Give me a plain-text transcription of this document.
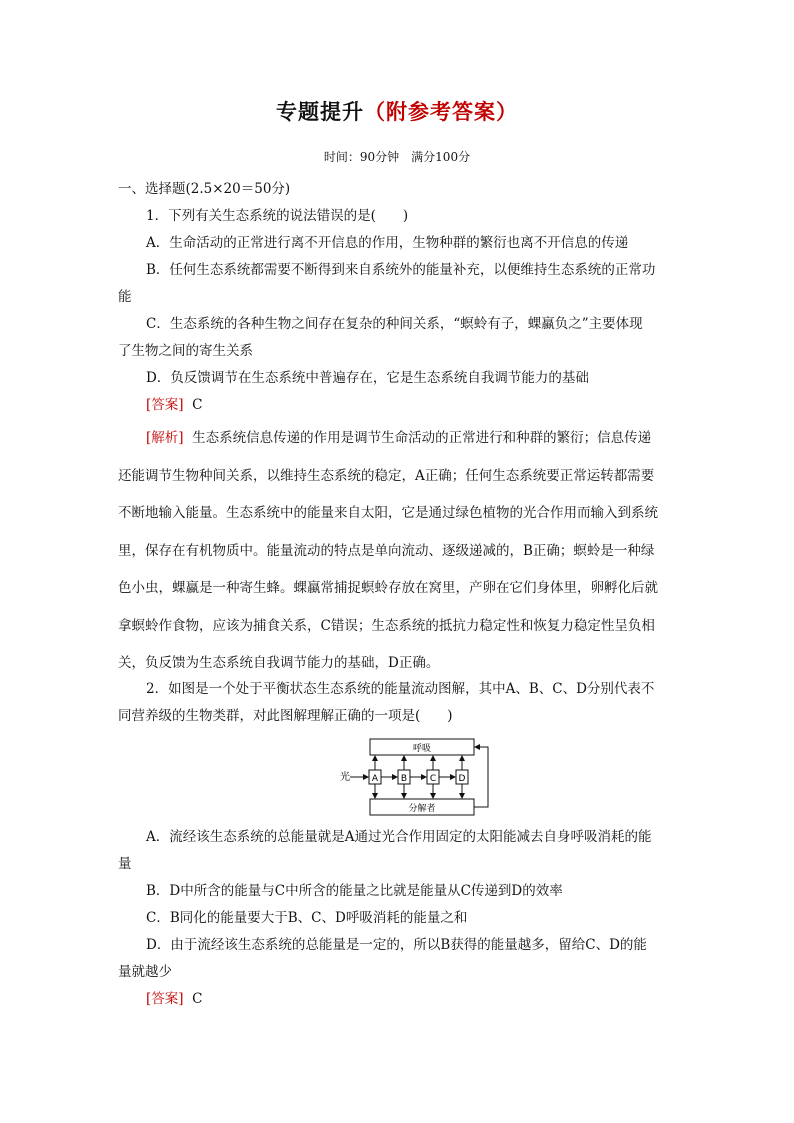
专题提升（附参考答案）
时间：90分钟　满分100分
一、选择题(2.5×20＝50分)
1．下列有关生态系统的说法错误的是(　　)
A．生命活动的正常进行离不开信息的作用，生物种群的繁衍也离不开信息的传递
B．任何生态系统都需要不断得到来自系统外的能量补充，以便维持生态系统的正常功
能
C．生态系统的各种生物之间存在复杂的种间关系，“螟蛉有子，蜾蠃负之”主要体现
了生物之间的寄生关系
D．负反馈调节在生态系统中普遍存在，它是生态系统自我调节能力的基础
[答案] C
[解析] 生态系统信息传递的作用是调节生命活动的正常进行和种群的繁衍；信息传递
还能调节生物种间关系，以维持生态系统的稳定，A正确；任何生态系统要正常运转都需要
不断地输入能量。生态系统中的能量来自太阳，它是通过绿色植物的光合作用而输入到系统
里，保存在有机物质中。能量流动的特点是单向流动、逐级递减的，B正确；螟蛉是一种绿
色小虫，蜾蠃是一种寄生蜂。蜾蠃常捕捉螟蛉存放在窝里，产卵在它们身体里，卵孵化后就
拿螟蛉作食物，应该为捕食关系，C错误；生态系统的抵抗力稳定性和恢复力稳定性呈负相
关，负反馈为生态系统自我调节能力的基础，D正确。
2．如图是一个处于平衡状态生态系统的能量流动图解，其中A、B、C、D分别代表不
同营养级的生物类群，对此图解理解正确的一项是(　　)
呼吸
分解者
光 A	B	C D
A．流经该生态系统的总能量就是A通过光合作用固定的太阳能减去自身呼吸消耗的能
量
B．D中所含的能量与C中所含的能量之比就是能量从C传递到D的效率
C．B同化的能量要大于B、C、D呼吸消耗的能量之和
D．由于流经该生态系统的总能量是一定的，所以B获得的能量越多，留给C、D的能
量就越少
[答案] C
